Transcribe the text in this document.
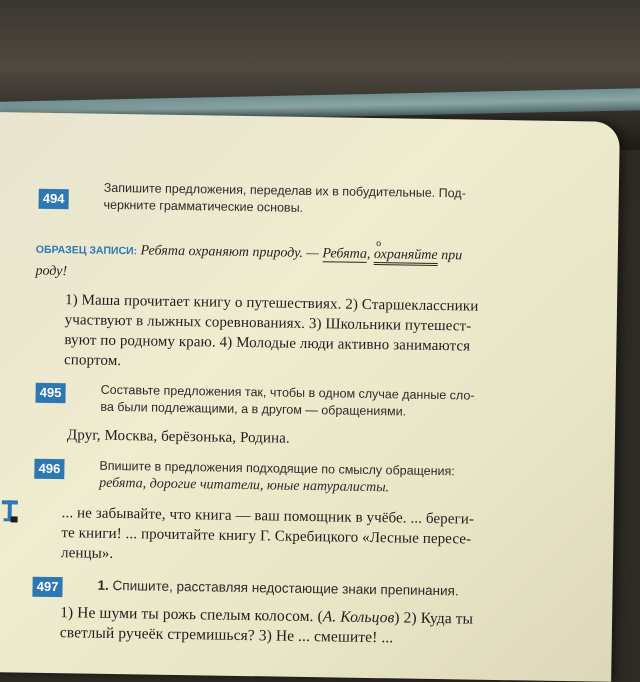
494	Запишите предложения, переделав их в побудительные. Под-
черкните грамматические основы.
ОБРАЗЕЦ ЗАПИСИ: Ребята охраняют природу. — Ребята,
о
охраняйте при
роду!
1) Маша прочитает книгу о путешествиях. 2) Старшеклассники
участвуют в лыжных соревнованиях. 3) Школьники путешест-
вуют по родному краю. 4) Молодые люди активно занимаются
спортом.
495	Составьте предложения так, чтобы в одном случае данные сло-
ва были подлежащими, а в другом — обращениями.
Друг, Москва, берёзонька, Родина.
496	Впишите в предложения подходящие по смыслу обращения:
ребята, дорогие читатели, юные натуралисты.
... не забывайте, что книга — ваш помощник в учёбе. ... береги-
те книги! ... прочитайте книгу Г. Скребицкого «Лесные пересе-
ленцы».
497	1. Спишите, расставляя недостающие знаки препинания.
1) Не шуми ты рожь спелым колосом. (А. Кольцов) 2) Куда ты
светлый ручеёк стремишься? 3) Не ... смешите! ...
